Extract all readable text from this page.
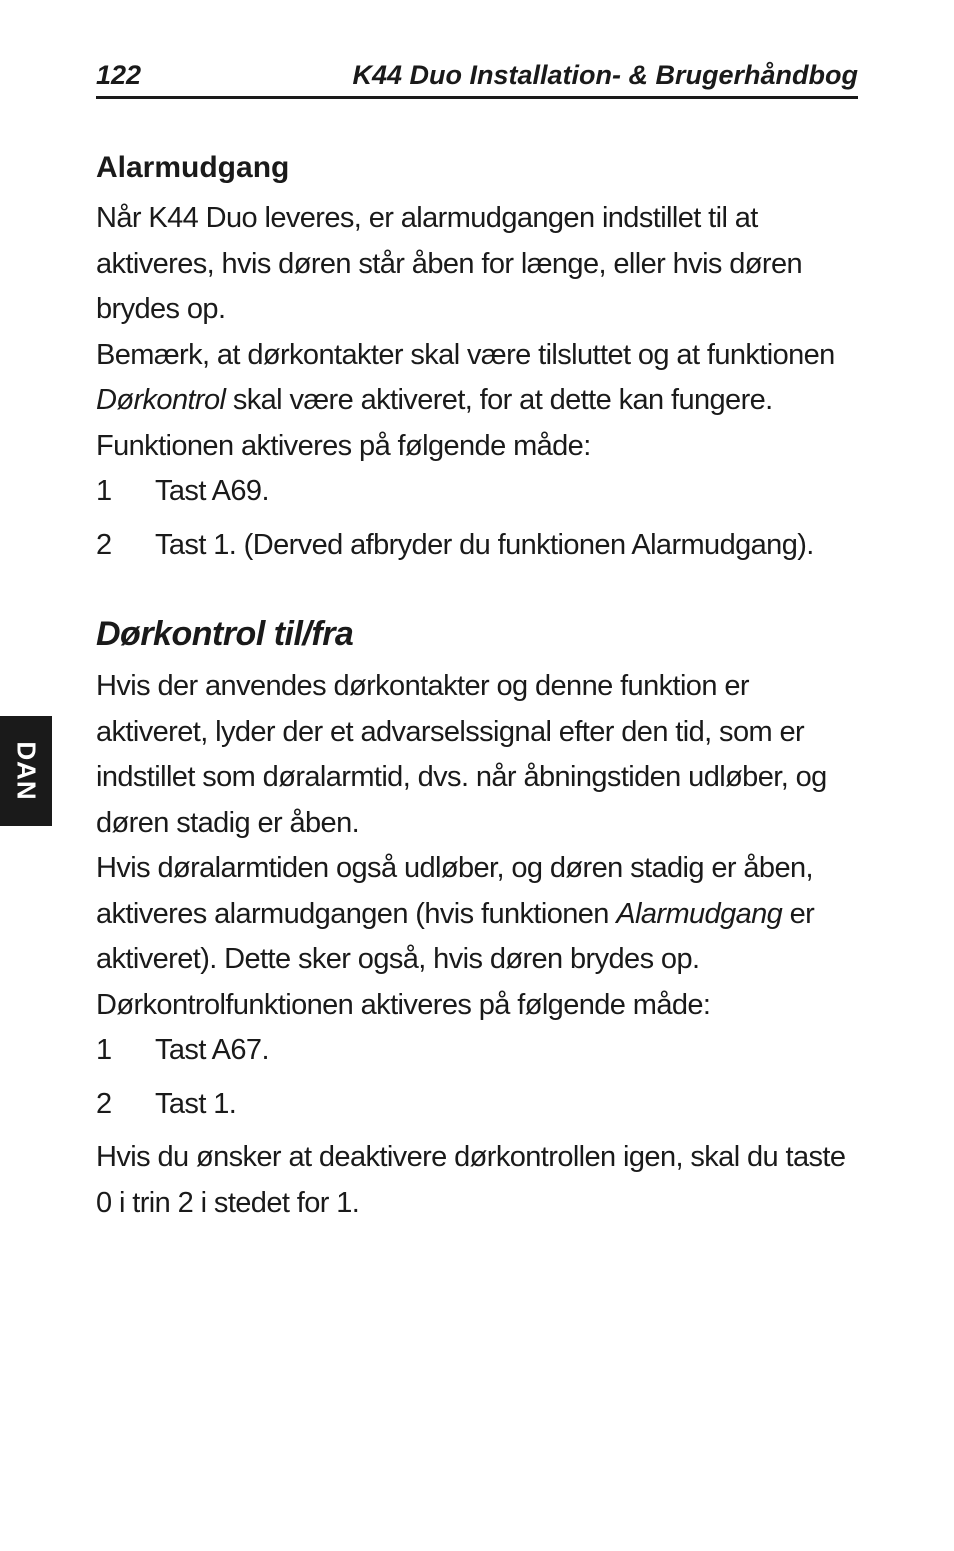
122	K44 Duo Installation- & Brugerhåndbog
DAN
Alarmudgang

Når K44 Duo leveres, er alarmudgangen indstillet til at aktiveres, hvis døren står åben for længe, eller hvis døren brydes op.

Bemærk, at dørkontakter skal være tilsluttet og at funktionen Dørkontrol skal være aktiveret, for at dette kan fungere.

Funktionen aktiveres på følgende måde:

1 Tast A69.
2 Tast 1. (Derved afbryder du funktionen Alarmudgang).
Dørkontrol til/fra

Hvis der anvendes dørkontakter og denne funktion er aktiveret, lyder der et advarselssignal efter den tid, som er indstillet som døralarmtid, dvs. når åbningstiden udløber, og døren stadig er åben.

Hvis døralarmtiden også udløber, og døren stadig er åben, aktiveres alarmudgangen (hvis funktionen Alarmudgang er aktiveret). Dette sker også, hvis døren brydes op.

Dørkontrolfunktionen aktiveres på følgende måde:

1 Tast A67.
2 Tast 1.

Hvis du ønsker at deaktivere dørkontrollen igen, skal du taste 0 i trin 2 i stedet for 1.
